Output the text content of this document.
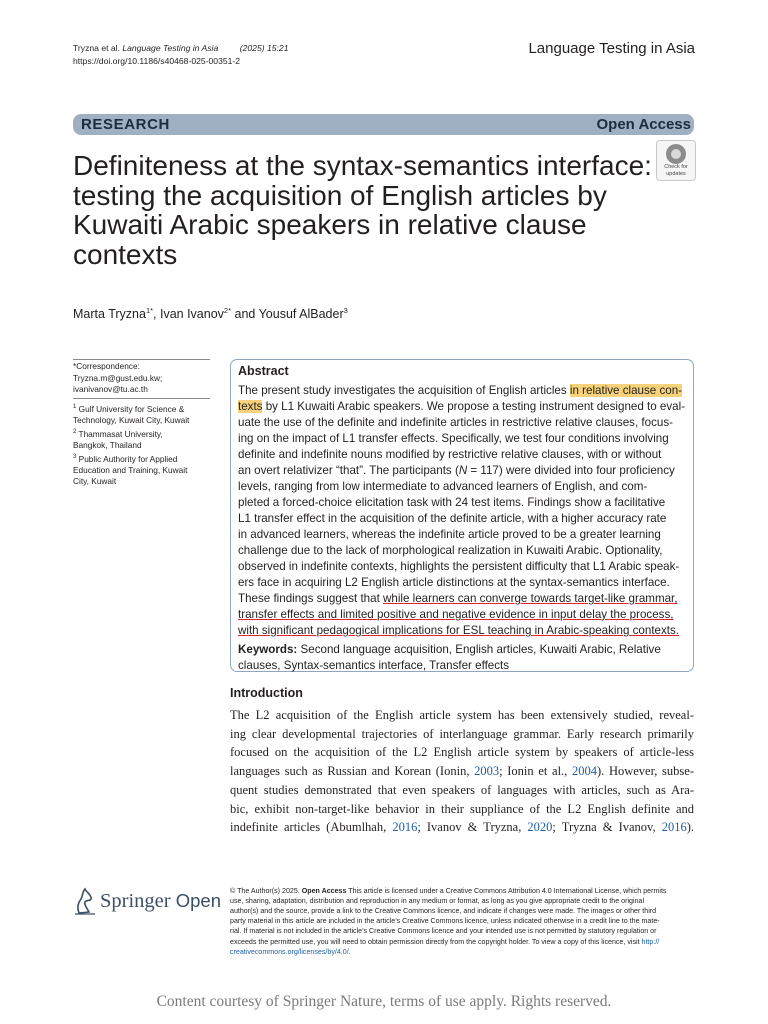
Tryzna et al. Language Testing in Asia	(2025) 15:21
https://doi.org/10.1186/s40468-025-00351-2
Language Testing in Asia
RESEARCH	Open Access
Definiteness at the syntax-semantics interface: testing the acquisition of English articles by Kuwaiti Arabic speakers in relative clause contexts
Check for
updates
Marta Tryzna$^{1*}$, Ivan Ivanov$^{2*}$ and Yousuf AlBader$^3$
*Correspondence:
Tryzna.m@gust.edu.kw;
ivanivanov@tu.ac.th
$^1$ Gulf University for Science &
Technology, Kuwait City, Kuwait
$^2$ Thammasat University,
Bangkok, Thailand
$^3$ Public Authority for Applied
Education and Training, Kuwait
City, Kuwait
Abstract
The present study investigates the acquisition of English articles in relative clause con-
texts by L1 Kuwaiti Arabic speakers. We propose a testing instrument designed to eval-
uate the use of the definite and indefinite articles in restrictive relative clauses, focus-
ing on the impact of L1 transfer effects. Specifically, we test four conditions involving
definite and indefinite nouns modified by restrictive relative clauses, with or without
an overt relativizer “that”. The participants (N = 117) were divided into four proficiency
levels, ranging from low intermediate to advanced learners of English, and com-
pleted a forced-choice elicitation task with 24 test items. Findings show a facilitative
L1 transfer effect in the acquisition of the definite article, with a higher accuracy rate
in advanced learners, whereas the indefinite article proved to be a greater learning
challenge due to the lack of morphological realization in Kuwaiti Arabic. Optionality,
observed in indefinite contexts, highlights the persistent difficulty that L1 Arabic speak-
ers face in acquiring L2 English article distinctions at the syntax-semantics interface.
These findings suggest that while learners can converge towards target-like grammar,
transfer effects and limited positive and negative evidence in input delay the process,
with significant pedagogical implications for ESL teaching in Arabic-speaking contexts.
Keywords: Second language acquisition, English articles, Kuwaiti Arabic, Relative
clauses, Syntax-semantics interface, Transfer effects
Introduction
The L2 acquisition of the English article system has been extensively studied, reveal-
ing clear developmental trajectories of interlanguage grammar. Early research primarily
focused on the acquisition of the L2 English article system by speakers of article-less
languages such as Russian and Korean (Ionin, 2003; Ionin et al., 2004). However, subse-
quent studies demonstrated that even speakers of languages with articles, such as Ara-
bic, exhibit non-target-like behavior in their suppliance of the L2 English definite and
indefinite articles (Abumlhah, 2016; Ivanov & Tryzna, 2020; Tryzna & Ivanov, 2016).
Springer Open © The Author(s) 2025. Open Access This article is licensed under a Creative Commons Attribution 4.0 International License, which permits
use, sharing, adaptation, distribution and reproduction in any medium or format, as long as you give appropriate credit to the original
author(s) and the source, provide a link to the Creative Commons licence, and indicate if changes were made. The images or other third
party material in this article are included in the article’s Creative Commons licence, unless indicated otherwise in a credit line to the mate-
rial. If material is not included in the article’s Creative Commons licence and your intended use is not permitted by statutory regulation or
exceeds the permitted use, you will need to obtain permission directly from the copyright holder. To view a copy of this licence, visit http://
creativecommons.org/licenses/by/4.0/.
Content courtesy of Springer Nature, terms of use apply. Rights reserved.
